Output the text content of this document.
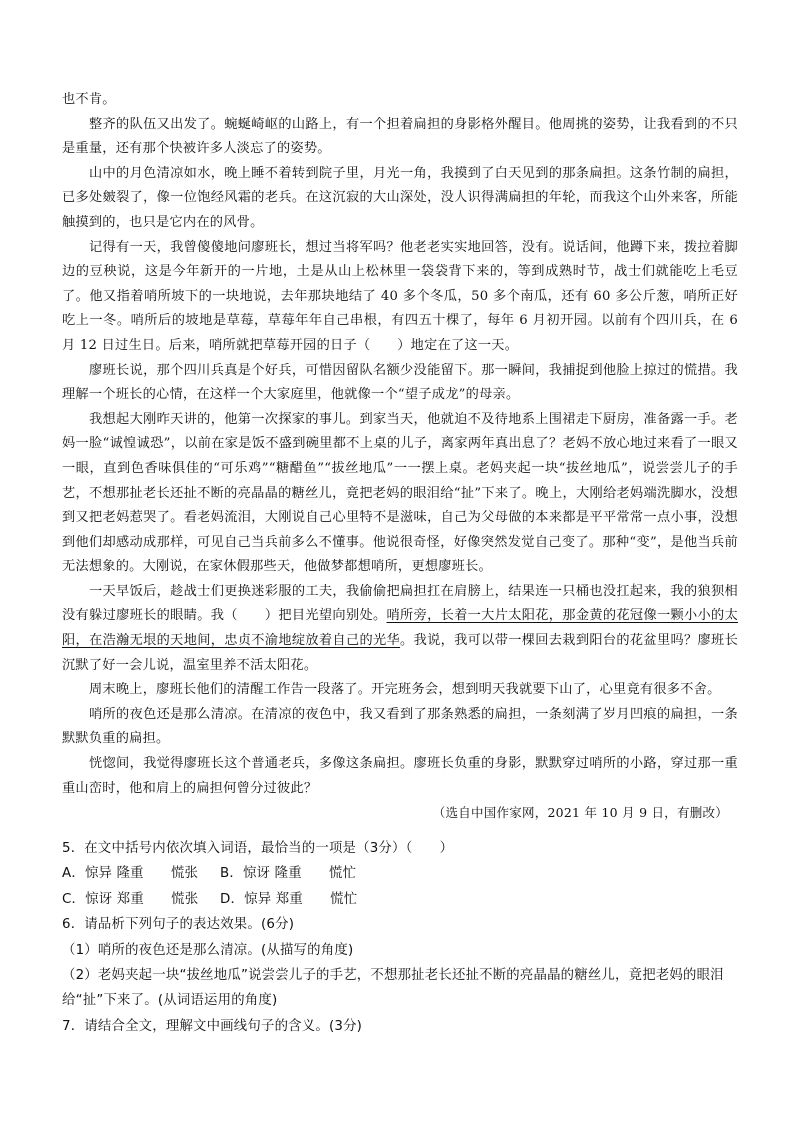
也不肯。

整齐的队伍又出发了。蜿蜒崎岖的山路上，有一个担着扁担的身影格外醒目。他周挑的姿势，让我看到的不只是重量，还有那个快被许多人淡忘了的姿势。

山中的月色清凉如水，晚上睡不着转到院子里，月光一角，我摸到了白天见到的那条扁担。这条竹制的扁担，已多处皴裂了，像一位饱经风霜的老兵。在这沉寂的大山深处，没人识得满扁担的年轮，而我这个山外来客，所能触摸到的，也只是它内在的风骨。

记得有一天，我曾傻傻地问廖班长，想过当将军吗？他老老实实地回答，没有。说话间，他蹲下来，拨拉着脚边的豆秧说，这是今年新开的一片地，土是从山上松林里一袋袋背下来的，等到成熟时节，战士们就能吃上毛豆了。他又指着哨所坡下的一块地说，去年那块地结了 40 多个冬瓜，50 多个南瓜，还有 60 多公斤葱，哨所正好吃上一冬。哨所后的坡地是草莓，草莓年年自己串根，有四五十棵了，每年 6 月初开园。以前有个四川兵，在 6 月 12 日过生日。后来，哨所就把草莓开园的日子（　　）地定在了这一天。

廖班长说，那个四川兵真是个好兵，可惜因留队名额少没能留下。那一瞬间，我捕捉到他脸上掠过的慌措。我理解一个班长的心情，在这样一个大家庭里，他就像一个“望子成龙”的母亲。

我想起大刚昨天讲的，他第一次探家的事儿。到家当天，他就迫不及待地系上围裙走下厨房，准备露一手。老妈一脸“诚惶诚恐”，以前在家是饭不盛到碗里都不上桌的儿子，离家两年真出息了？老妈不放心地过来看了一眼又一眼，直到色香味俱佳的“可乐鸡”“糖醋鱼”“拔丝地瓜”一一摆上桌。老妈夹起一块“拔丝地瓜”，说尝尝儿子的手艺，不想那扯老长还扯不断的亮晶晶的糖丝儿，竟把老妈的眼泪给“扯”下来了。晚上，大刚给老妈端洗脚水，没想到又把老妈惹哭了。看老妈流泪，大刚说自己心里特不是滋味，自己为父母做的本来都是平平常常一点小事，没想到他们却感动成那样，可见自己当兵前多么不懂事。他说很奇怪，好像突然发觉自己变了。那种“变”，是他当兵前无法想象的。大刚说，在家休假那些天，他做梦都想哨所，更想廖班长。

一天早饭后，趁战士们更换迷彩服的工夫，我偷偷把扁担扛在肩膀上，结果连一只桶也没扛起来，我的狼狈相没有躲过廖班长的眼睛。我（　　）把目光望向别处。哨所旁，长着一大片太阳花，那金黄的花冠像一颗小小的太阳，在浩瀚无垠的天地间，忠贞不渝地绽放着自己的光华。我说，我可以带一棵回去栽到阳台的花盆里吗？廖班长沉默了好一会儿说，温室里养不活太阳花。

周末晚上，廖班长他们的清醒工作告一段落了。开完班务会，想到明天我就要下山了，心里竟有很多不舍。

哨所的夜色还是那么清凉。在清凉的夜色中，我又看到了那条熟悉的扁担，一条刻满了岁月凹痕的扁担，一条默默负重的扁担。

恍惚间，我觉得廖班长这个普通老兵，多像这条扁担。廖班长负重的身影，默默穿过哨所的小路，穿过那一重重山峦时，他和肩上的扁担何曾分过彼此？

（选自中国作家网，2021 年 10 月 9 日，有删改）

5．在文中括号内依次填入词语，最恰当的一项是（3分）（　　）
A．惊异 隆重　　慌张	B．惊讶 隆重　　慌忙
C．惊讶 郑重　　慌张	D．惊异 郑重　　慌忙
6．请品析下列句子的表达效果。(6分)
（1）哨所的夜色还是那么清凉。(从描写的角度)
（2）老妈夹起一块“拔丝地瓜”说尝尝儿子的手艺，不想那扯老长还扯不断的亮晶晶的糖丝儿，竟把老妈的眼泪给“扯”下来了。(从词语运用的角度)
7．请结合全文，理解文中画线句子的含义。(3分)
